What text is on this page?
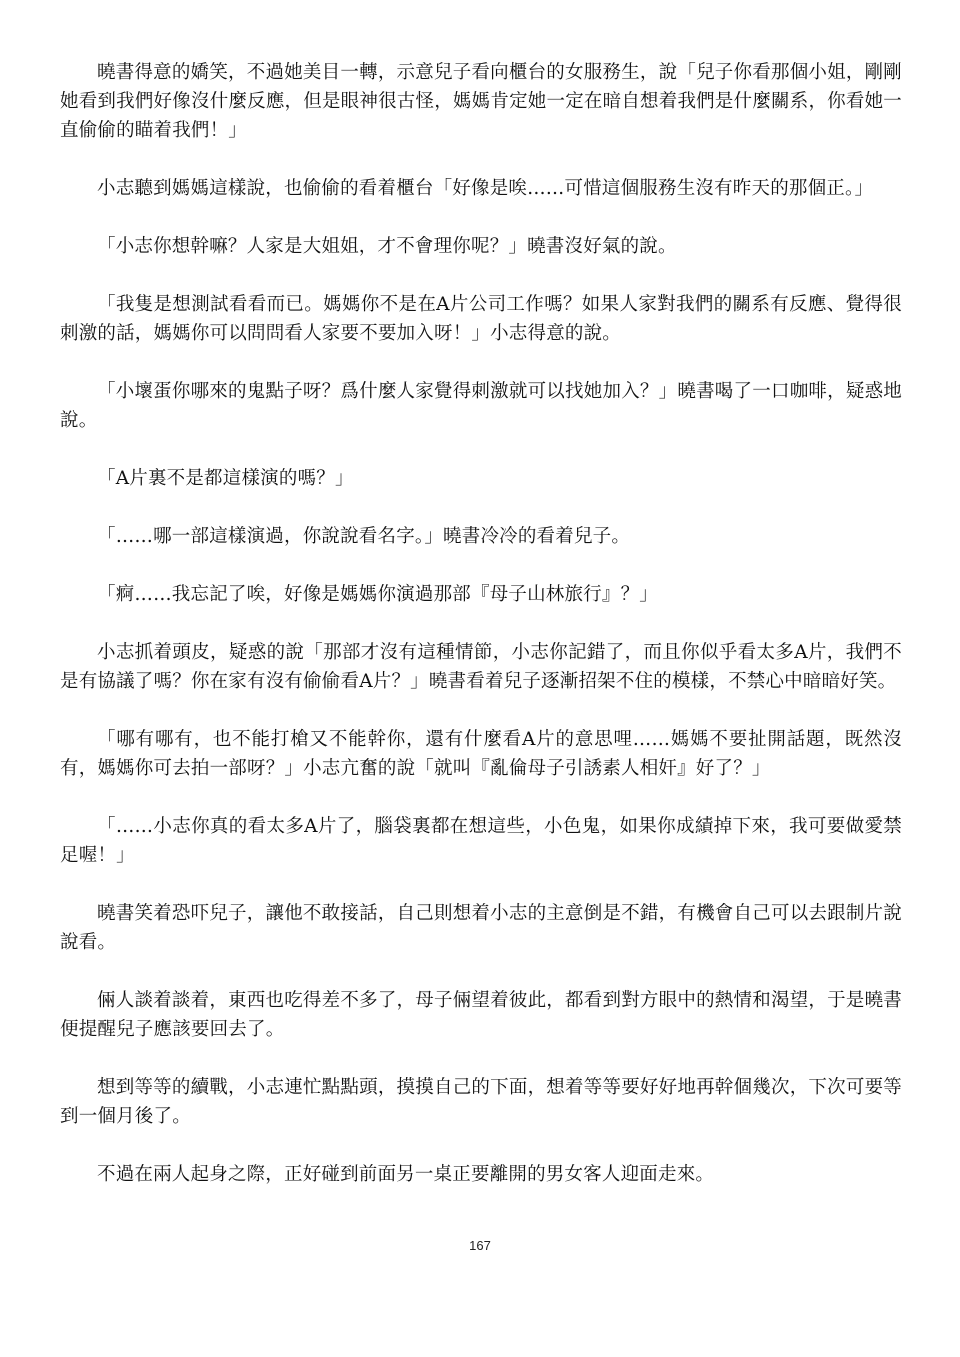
曉書得意的嬌笑，不過她美目一轉，示意兒子看向櫃台的女服務生，說「兒子你看那個小姐，剛剛她看到我們好像沒什麼反應，但是眼神很古怪，媽媽肯定她一定在暗自想着我們是什麼關系，你看她一直偷偷的瞄着我們！」

小志聽到媽媽這樣說，也偷偷的看着櫃台「好像是唉……可惜這個服務生沒有昨天的那個正。」

「小志你想幹嘛？人家是大姐姐，才不會理你呢？」曉書沒好氣的說。

「我隻是想測試看看而已。媽媽你不是在A片公司工作嗎？如果人家對我們的關系有反應、覺得很刺激的話，媽媽你可以問問看人家要不要加入呀！」小志得意的說。

「小壞蛋你哪來的鬼點子呀？爲什麼人家覺得刺激就可以找她加入？」曉書喝了一口咖啡，疑惑地說。

「A片裏不是都這樣演的嗎？」

「……哪一部這樣演過，你說說看名字。」曉書冷冷的看着兒子。

「痾……我忘記了唉，好像是媽媽你演過那部『母子山林旅行』？」

小志抓着頭皮，疑惑的說「那部才沒有這種情節，小志你記錯了，而且你似乎看太多A片，我們不是有協議了嗎？你在家有沒有偷偷看A片？」曉書看着兒子逐漸招架不住的模樣，不禁心中暗暗好笑。

「哪有哪有，也不能打槍又不能幹你，還有什麼看A片的意思哩……媽媽不要扯開話題，既然沒有，媽媽你可去拍一部呀？」小志亢奮的說「就叫『亂倫母子引誘素人相奸』好了？」

「……小志你真的看太多A片了，腦袋裏都在想這些，小色鬼，如果你成績掉下來，我可要做愛禁足喔！」

曉書笑着恐吓兒子，讓他不敢接話，自己則想着小志的主意倒是不錯，有機會自己可以去跟制片說說看。

倆人談着談着，東西也吃得差不多了，母子倆望着彼此，都看到對方眼中的熱情和渴望，于是曉書便提醒兒子應該要回去了。

想到等等的續戰，小志連忙點點頭，摸摸自己的下面，想着等等要好好地再幹個幾次，下次可要等到一個月後了。

不過在兩人起身之際，正好碰到前面另一桌正要離開的男女客人迎面走來。

167
